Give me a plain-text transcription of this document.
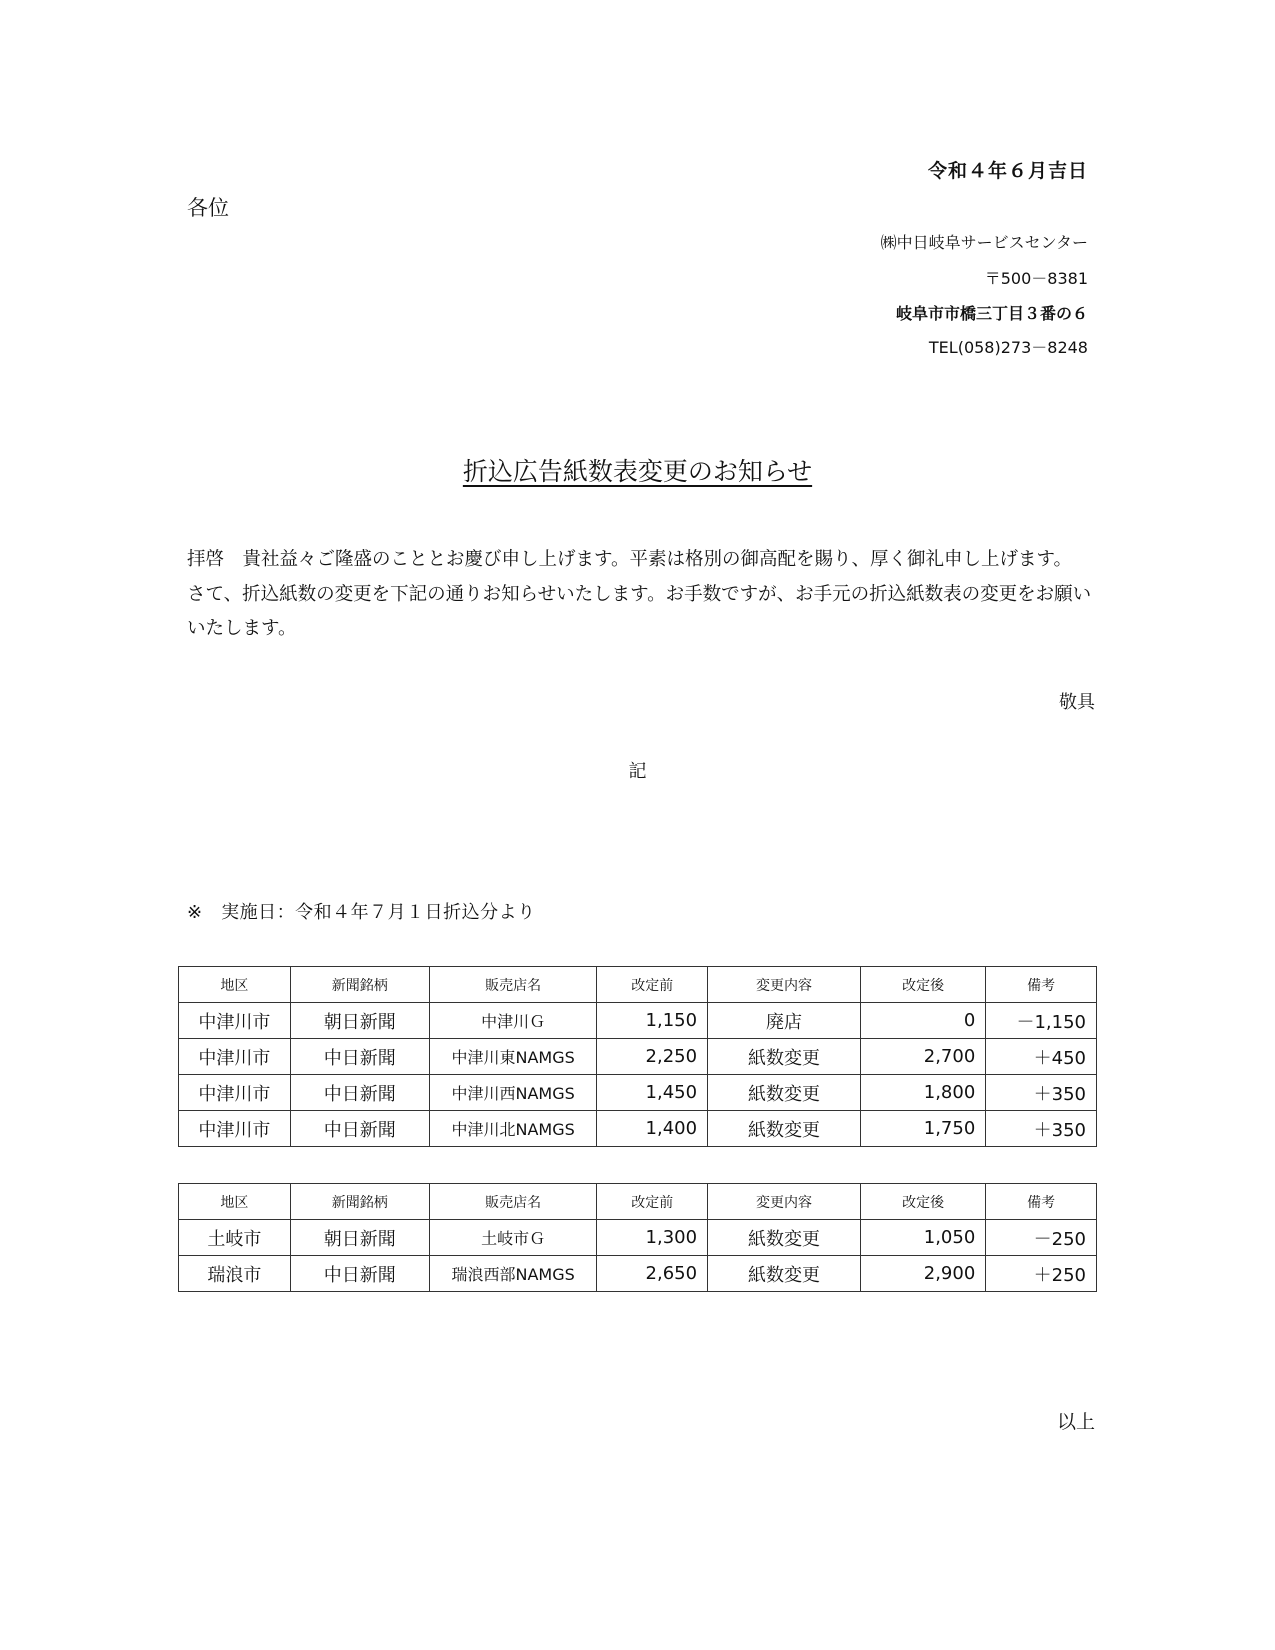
令和４年６月吉日
各位
㈱中日岐阜サービスセンター
〒500－8381
岐阜市市橋三丁目３番の６
TEL(058)273－8248
折込広告紙数表変更のお知らせ

拝啓　貴社益々ご隆盛のこととお慶び申し上げます。平素は格別の御高配を賜り、厚く御礼申し上げます。

さて、折込紙数の変更を下記の通りお知らせいたします。お手数ですが、お手元の折込紙数表の変更をお願いいたします。

敬具
記
※　実施日：令和４年７月１日折込分より
地区	新聞銘柄	販売店名	改定前	変更内容	改定後	備考
中津川市	朝日新聞	中津川Ｇ	1,150	廃店	0	－1,150
中津川市	中日新聞	中津川東NAMGS	2,250	紙数変更	2,700	＋450
中津川市	中日新聞	中津川西NAMGS	1,450	紙数変更	1,800	＋350
中津川市	中日新聞	中津川北NAMGS	1,400	紙数変更	1,750	＋350
地区	新聞銘柄	販売店名	改定前	変更内容	改定後	備考
土岐市	朝日新聞	土岐市Ｇ	1,300	紙数変更	1,050	－250
瑞浪市	中日新聞	瑞浪西部NAMGS	2,650	紙数変更	2,900	＋250
以上
